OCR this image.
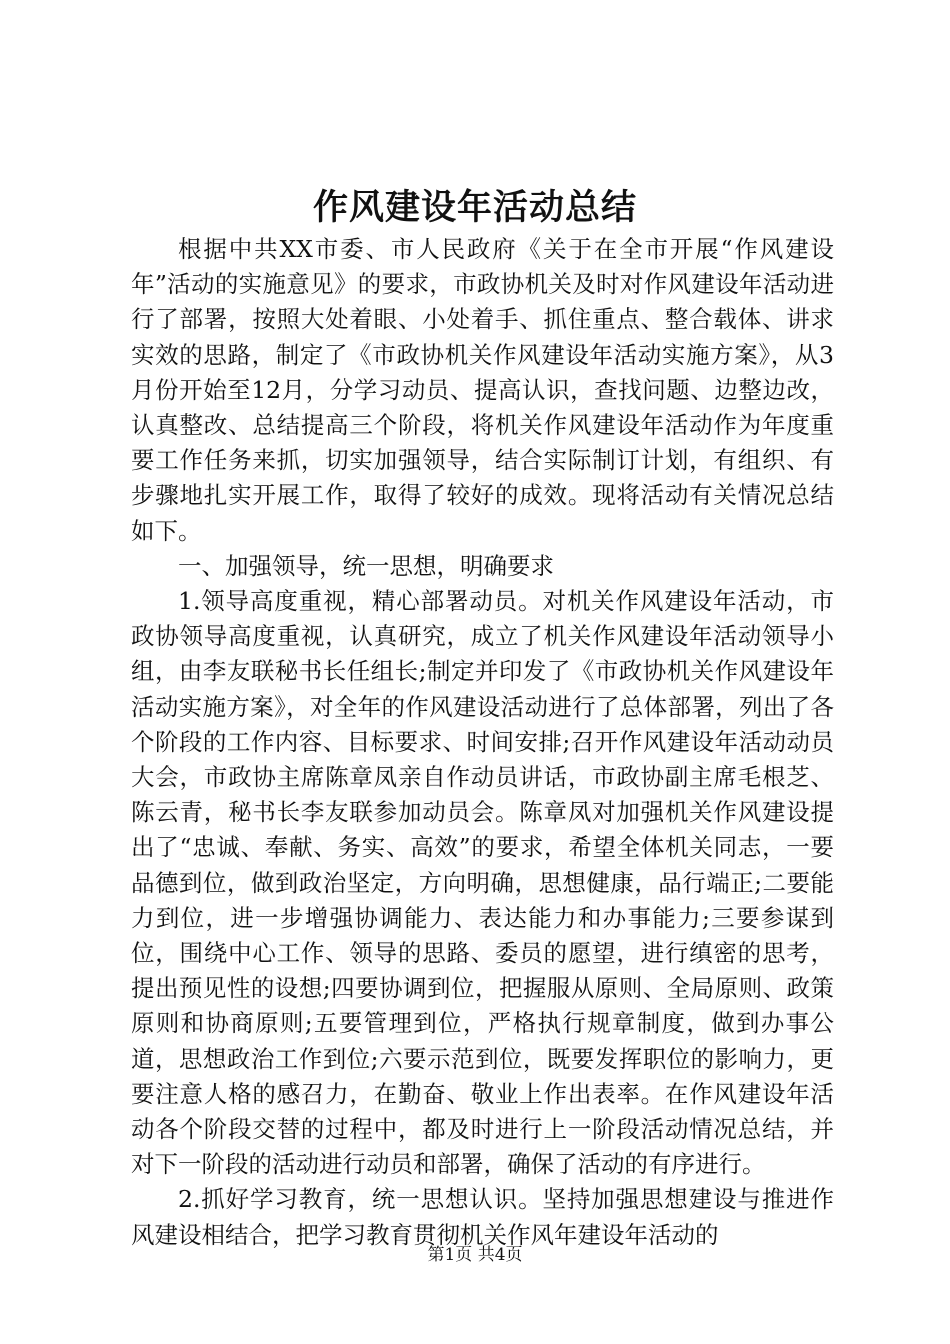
作风建设年活动总结

根据中共XX市委、市人民政府《关于在全市开展“作风建设年”活动的实施意见》的要求，市政协机关及时对作风建设年活动进行了部署，按照大处着眼、小处着手、抓住重点、整合载体、讲求实效的思路，制定了《市政协机关作风建设年活动实施方案》，从3月份开始至12月，分学习动员、提高认识，查找问题、边整边改，认真整改、总结提高三个阶段，将机关作风建设年活动作为年度重要工作任务来抓，切实加强领导，结合实际制订计划，有组织、有步骤地扎实开展工作，取得了较好的成效。现将活动有关情况总结如下。

一、加强领导，统一思想，明确要求

1.领导高度重视，精心部署动员。对机关作风建设年活动，市政协领导高度重视，认真研究，成立了机关作风建设年活动领导小组，由李友联秘书长任组长;制定并印发了《市政协机关作风建设年活动实施方案》，对全年的作风建设活动进行了总体部署，列出了各个阶段的工作内容、目标要求、时间安排;召开作风建设年活动动员大会，市政协主席陈章凤亲自作动员讲话，市政协副主席毛根芝、陈云青，秘书长李友联参加动员会。陈章凤对加强机关作风建设提出了“忠诚、奉献、务实、高效”的要求，希望全体机关同志，一要品德到位，做到政治坚定，方向明确，思想健康，品行端正;二要能力到位，进一步增强协调能力、表达能力和办事能力;三要参谋到位，围绕中心工作、领导的思路、委员的愿望，进行缜密的思考，提出预见性的设想;四要协调到位，把握服从原则、全局原则、政策原则和协商原则;五要管理到位，严格执行规章制度，做到办事公道，思想政治工作到位;六要示范到位，既要发挥职位的影响力，更要注意人格的感召力，在勤奋、敬业上作出表率。在作风建设年活动各个阶段交替的过程中，都及时进行上一阶段活动情况总结，并对下一阶段的活动进行动员和部署，确保了活动的有序进行。

2.抓好学习教育，统一思想认识。坚持加强思想建设与推进作风建设相结合，把学习教育贯彻机关作风年建设年活动的

第1页 共4页
